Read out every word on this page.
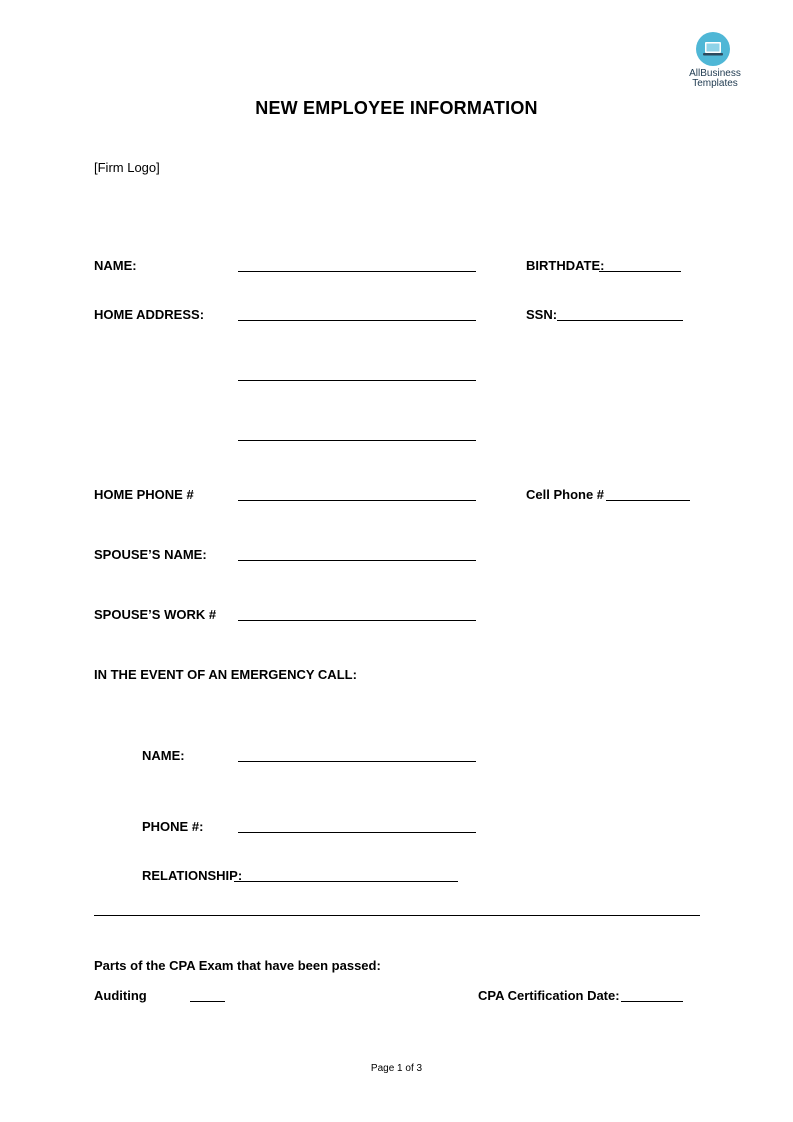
AllBusiness
Templates
NEW EMPLOYEE INFORMATION
[Firm Logo]
NAME:	BIRTHDATE:
HOME ADDRESS:	SSN:
HOME PHONE #	Cell Phone #
SPOUSE’S NAME:
SPOUSE’S WORK #
IN THE EVENT OF AN EMERGENCY CALL:
NAME:
PHONE #:
RELATIONSHIP:
Parts of the CPA Exam that have been passed:
Auditing	CPA Certification Date:
Page 1 of 3
